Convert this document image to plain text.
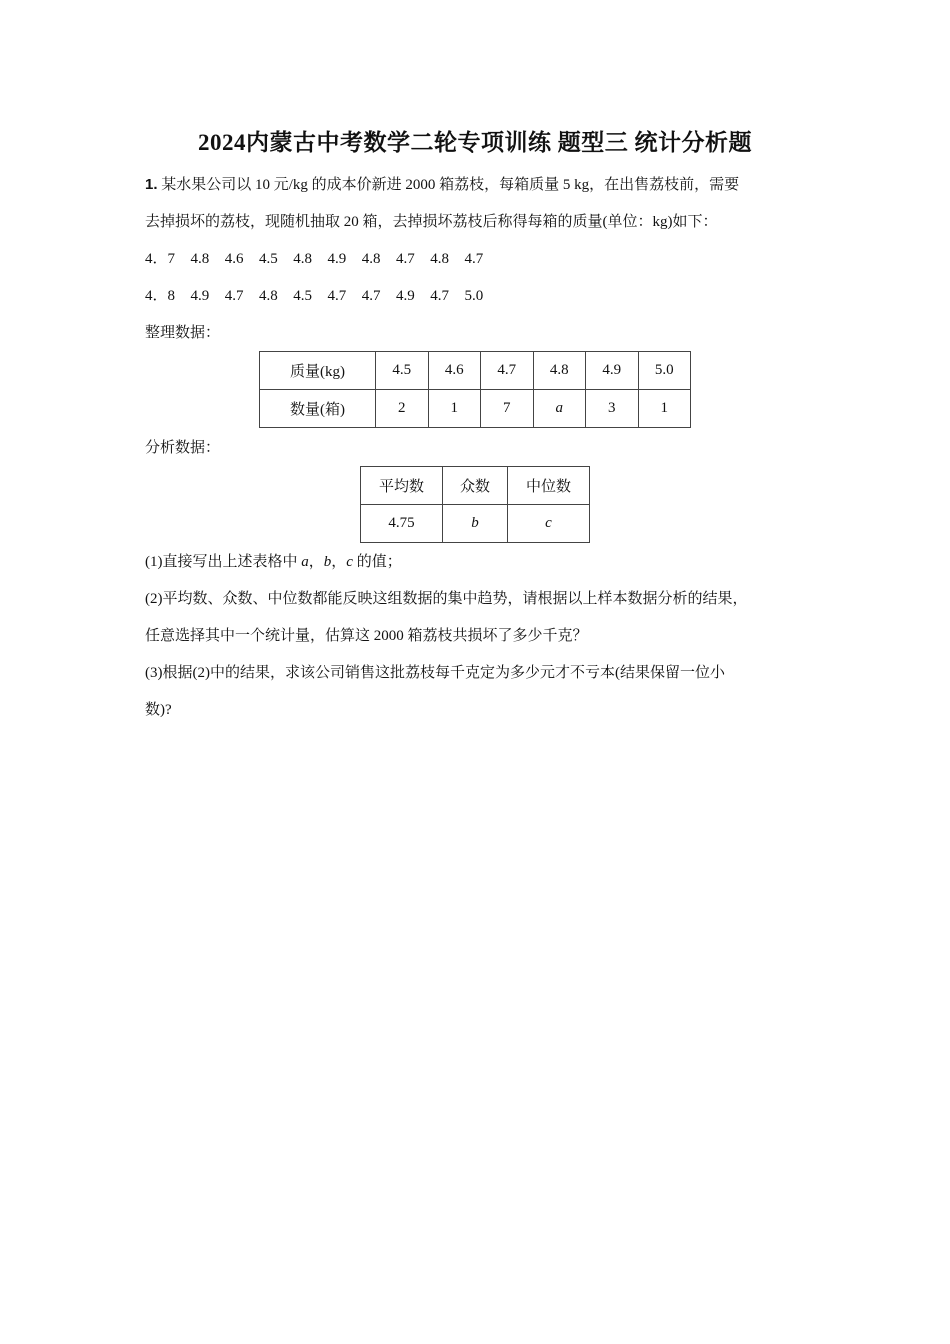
2024内蒙古中考数学二轮专项训练 题型三 统计分析题
1. 某水果公司以 10 元/kg 的成本价新进 2000 箱荔枝，每箱质量 5 kg，在出售荔枝前，需要
去掉损坏的荔枝，现随机抽取 20 箱，去掉损坏荔枝后称得每箱的质量(单位：kg)如下：
4．7 4.8 4.6 4.5 4.8 4.9 4.8 4.7 4.8 4.7
4．8 4.9 4.7 4.8 4.5 4.7 4.7 4.9 4.7 5.0
整理数据：
质量(kg)	4.5	4.6	4.7	4.8	4.9	5.0
数量(箱)	2	1	7	a	3	1
分析数据：
平均数	众数	中位数
4.75	b	c
(1)直接写出上述表格中 a，b，c 的值；
(2)平均数、众数、中位数都能反映这组数据的集中趋势，请根据以上样本数据分析的结果，
任意选择其中一个统计量，估算这 2000 箱荔枝共损坏了多少千克？
(3)根据(2)中的结果，求该公司销售这批荔枝每千克定为多少元才不亏本(结果保留一位小
数)?
